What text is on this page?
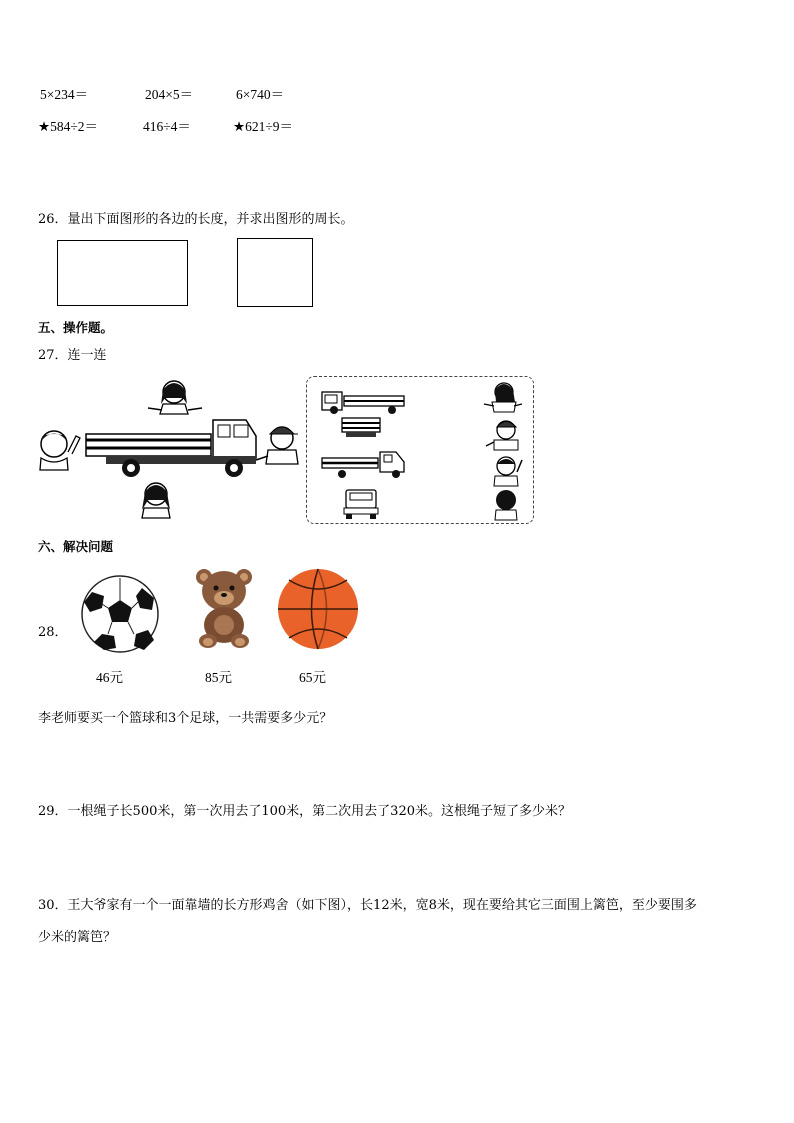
5×234＝	204×5＝	6×740＝
★584÷2＝	416÷4＝	★621÷9＝
26．量出下面图形的各边的长度，并求出图形的周长。
五、操作题。
27．连一连
六、解决问题
28．
46元	85元	65元
李老师要买一个篮球和3个足球，一共需要多少元？
29．一根绳子长500米，第一次用去了100米，第二次用去了320米。这根绳子短了多少米？
30．王大爷家有一个一面靠墙的长方形鸡舍（如下图），长12米，宽8米，现在要给其它三面围上篱笆，至少要围多
少米的篱笆？
